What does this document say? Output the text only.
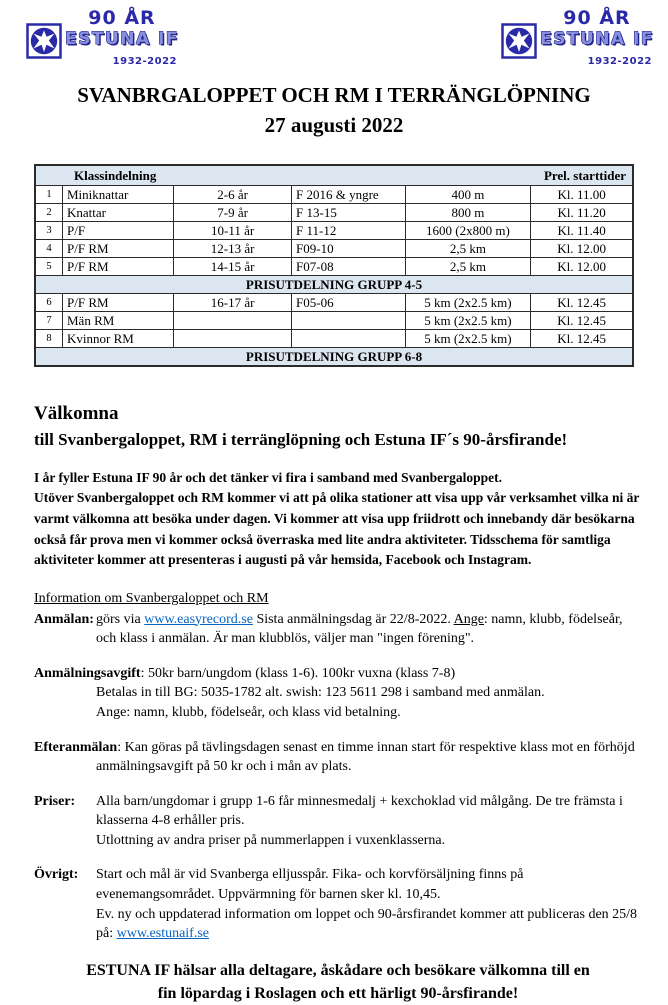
90 ÅR
ESTUNA IF
1932-2022
90 ÅR
ESTUNA IF
1932-2022
SVANBRGALOPPET OCH RM I TERRÄNGLÖPNING
27 augusti 2022
Klassindelning Prel. starttider					

1	Miniknattar	2-6 år	F 2016 & yngre	400 m	Kl. 11.00
2	Knattar	7-9 år	F 13-15	800 m	Kl. 11.20
3	P/F	10-11 år	F 11-12	1600 (2x800 m)	Kl. 11.40
4	P/F RM	12-13 år	F09-10	2,5 km	Kl. 12.00
5	P/F RM	14-15 år	F07-08	2,5 km	Kl. 12.00
PRISUTDELNING GRUPP 4-5					
6	P/F RM	16-17 år	F05-06	5 km (2x2.5 km)	Kl. 12.45
7	Män RM			5 km (2x2.5 km)	Kl. 12.45
8	Kvinnor RM			5 km (2x2.5 km)	Kl. 12.45
PRISUTDELNING GRUPP 6-8					
Välkomna
till Svanbergaloppet, RM i terränglöpning och Estuna IF´s 90-årsfirande!
I år fyller Estuna IF 90 år och det tänker vi fira i samband med Svanbergaloppet.
Utöver Svanbergaloppet och RM kommer vi att på olika stationer att visa upp vår verksamhet vilka ni är varmt välkomna att besöka under dagen. Vi kommer att visa upp friidrott och innebandy där besökarna också får prova men vi kommer också överraska med lite andra aktiviteter. Tidsschema för samtliga aktiviteter kommer att presenteras i augusti på vår hemsida, Facebook och Instagram.
Information om Svanbergaloppet och RM
Anmälan: görs via www.easyrecord.se Sista anmälningsdag är 22/8-2022. Ange: namn, klubb, födelseår, och klass i anmälan. Är man klubblös, väljer man "ingen förening".
Anmälningsavgift: 50kr barn/ungdom (klass 1-6). 100kr vuxna (klass 7-8)
Betalas in till BG: 5035-1782 alt. swish: 123 5611 298 i samband med anmälan.
Ange: namn, klubb, födelseår, och klass vid betalning.
Efteranmälan: Kan göras på tävlingsdagen senast en timme innan start för respektive klass mot en förhöjd anmälningsavgift på 50 kr och i mån av plats.
Priser:	Alla barn/ungdomar i grupp 1-6 får minnesmedalj + kexchoklad vid målgång. De tre främsta i klasserna 4-8 erhåller pris.
Utlottning av andra priser på nummerlappen i vuxenklasserna.
Övrigt:	Start och mål är vid Svanberga elljusspår. Fika- och korvförsäljning finns på evenemangsområdet. Uppvärmning för barnen sker kl. 10,45.
Ev. ny och uppdaterad information om loppet och 90-årsfirandet kommer att publiceras den 25/8 på: www.estunaif.se
ESTUNA IF hälsar alla deltagare, åskådare och besökare välkomna till en
fin löpardag i Roslagen och ett härligt 90-årsfirande!
